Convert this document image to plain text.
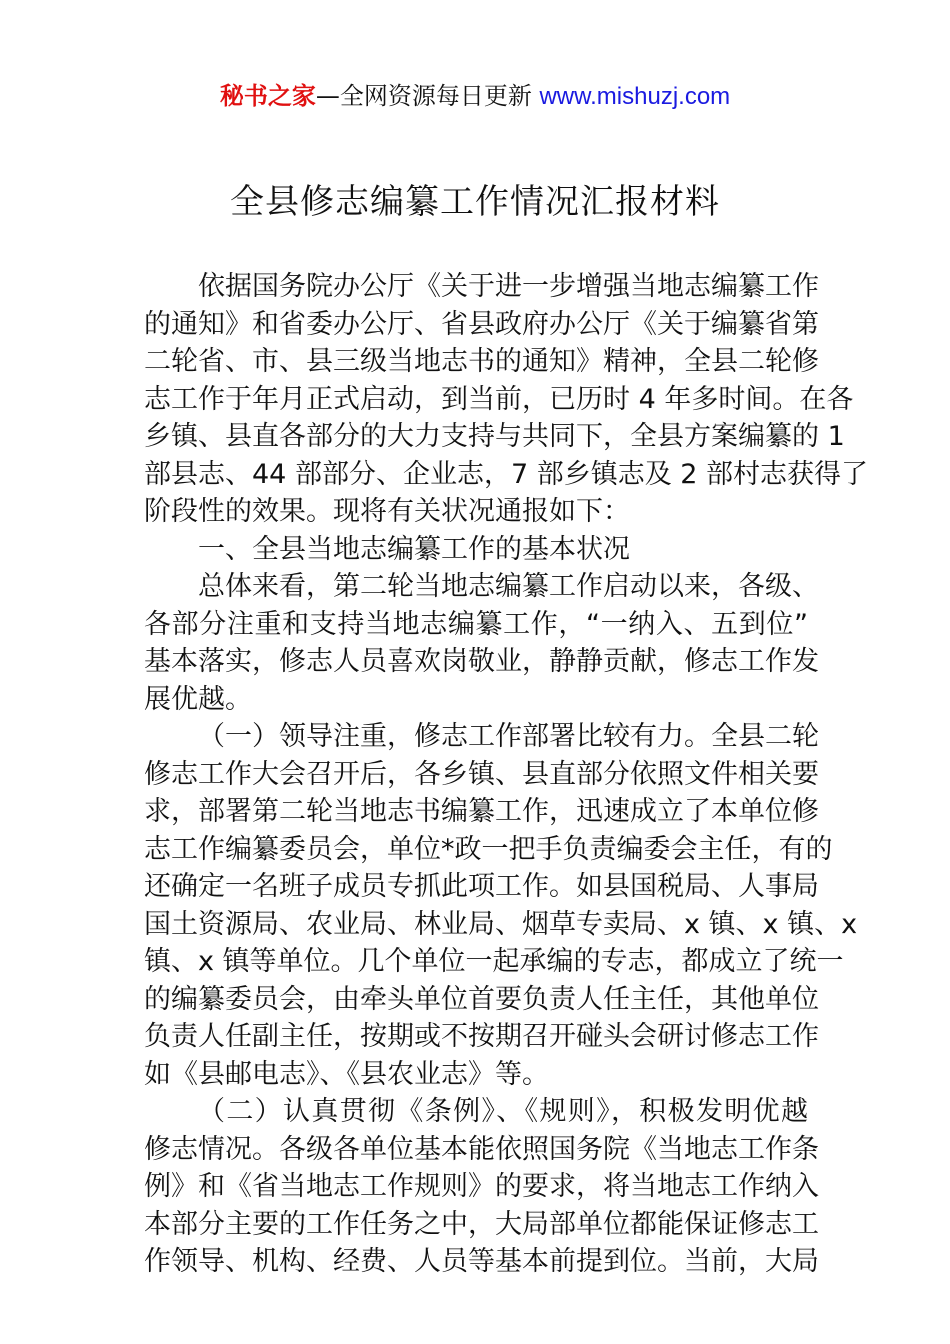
秘书之家—全网资源每日更新 www.mishuzj.com
全县修志编纂工作情况汇报材料
依据国务院办公厅《关于进一步增强当地志编纂工作
的通知》和省委办公厅、省县政府办公厅《关于编纂省第
二轮省、市、县三级当地志书的通知》精神，全县二轮修
志工作于年月正式启动，到当前，已历时 4 年多时间。在各
乡镇、县直各部分的大力支持与共同下，全县方案编纂的 1
部县志、44 部部分、企业志，7 部乡镇志及 2 部村志获得了
阶段性的效果。现将有关状况通报如下：
一、全县当地志编纂工作的基本状况
总体来看，第二轮当地志编纂工作启动以来，各级、
各部分注重和支持当地志编纂工作，“一纳入、五到位”
基本落实，修志人员喜欢岗敬业，静静贡献，修志工作发
展优越。
（一）领导注重，修志工作部署比较有力。全县二轮
修志工作大会召开后，各乡镇、县直部分依照文件相关要
求，部署第二轮当地志书编纂工作，迅速成立了本单位修
志工作编纂委员会，单位*政一把手负责编委会主任，有的
还确定一名班子成员专抓此项工作。如县国税局、人事局
国土资源局、农业局、林业局、烟草专卖局、x 镇、x 镇、x
镇、x 镇等单位。几个单位一起承编的专志，都成立了统一
的编纂委员会，由牵头单位首要负责人任主任，其他单位
负责人任副主任，按期或不按期召开碰头会研讨修志工作
如《县邮电志》、《县农业志》等。
（二）认真贯彻《条例》、《规则》，积极发明优越
修志情况。各级各单位基本能依照国务院《当地志工作条
例》和《省当地志工作规则》的要求，将当地志工作纳入
本部分主要的工作任务之中，大局部单位都能保证修志工
作领导、机构、经费、人员等基本前提到位。当前，大局
